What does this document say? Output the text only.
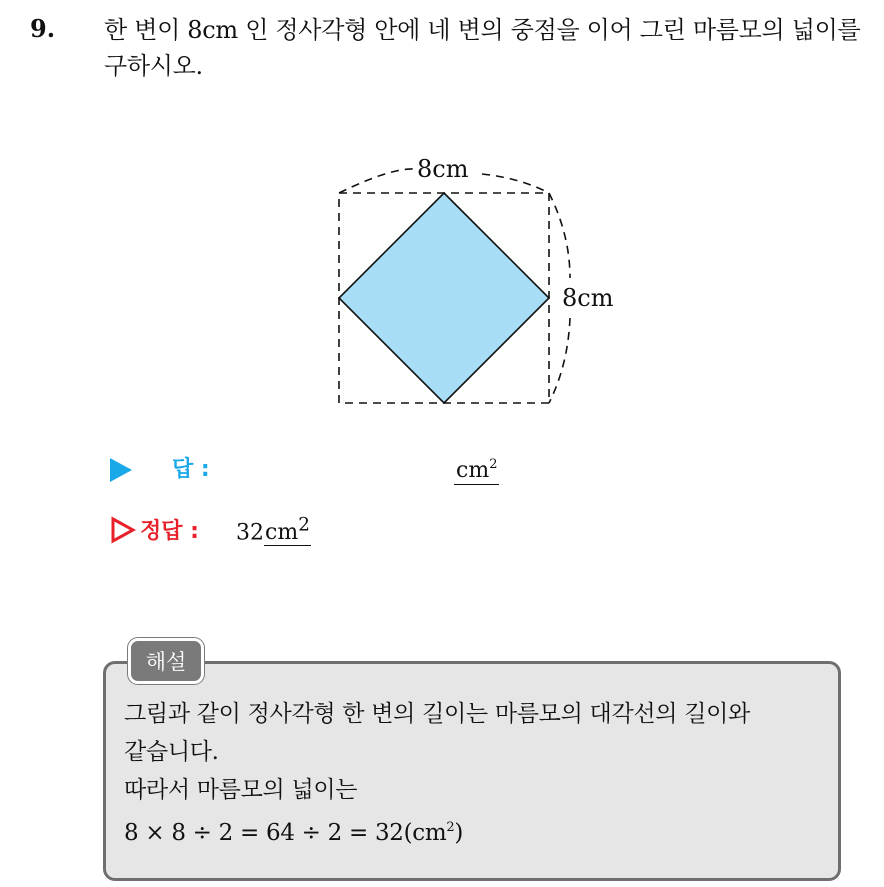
9. 한 변이 8cm 인 정사각형 안에 네 변의 중점을 이어 그린 마름모의 넓이를 구하시오.
8cm
8cm
답 :	$cm^2$
정답 : $32cm^2$
해설
그림과 같이 정사각형 한 변의 길이는 마름모의 대각선의 길이와
같습니다.
따라서 마름모의 넓이는
$8 \times 8 \div 2 = 64 \div 2 = 32(cm^2)$
